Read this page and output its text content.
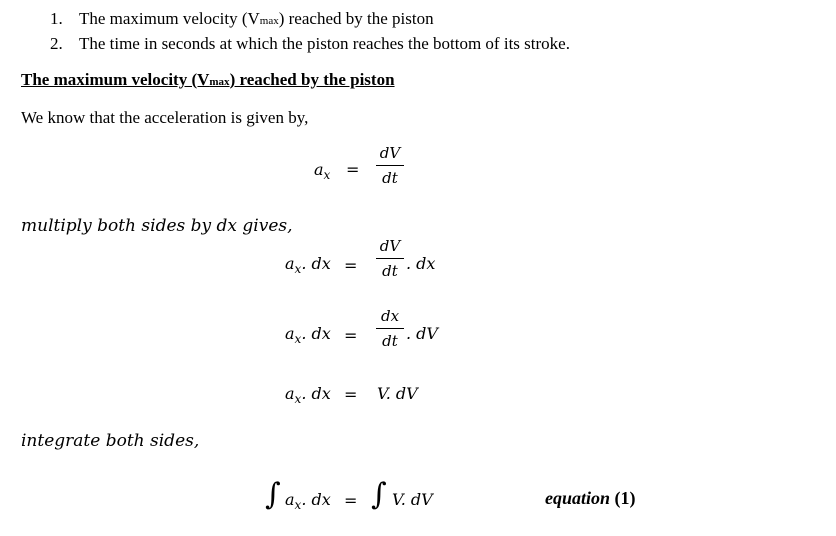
1. The maximum velocity (Vmax) reached by the piston
2. The time in seconds at which the piston reaches the bottom of its stroke.
The maximum velocity (Vmax) reached by the piston
We know that the acceleration is given by,
$a_x$ =
dV
dt
multiply both sides by dx gives,
$a_x$. dx =
dV
dt . dx
$a_x$. dx =
dx
dt . dV
$a_x$. dx = V. dV
integrate both sides,
∫ $a_x$. dx = ∫ V. dV	equation (1)
